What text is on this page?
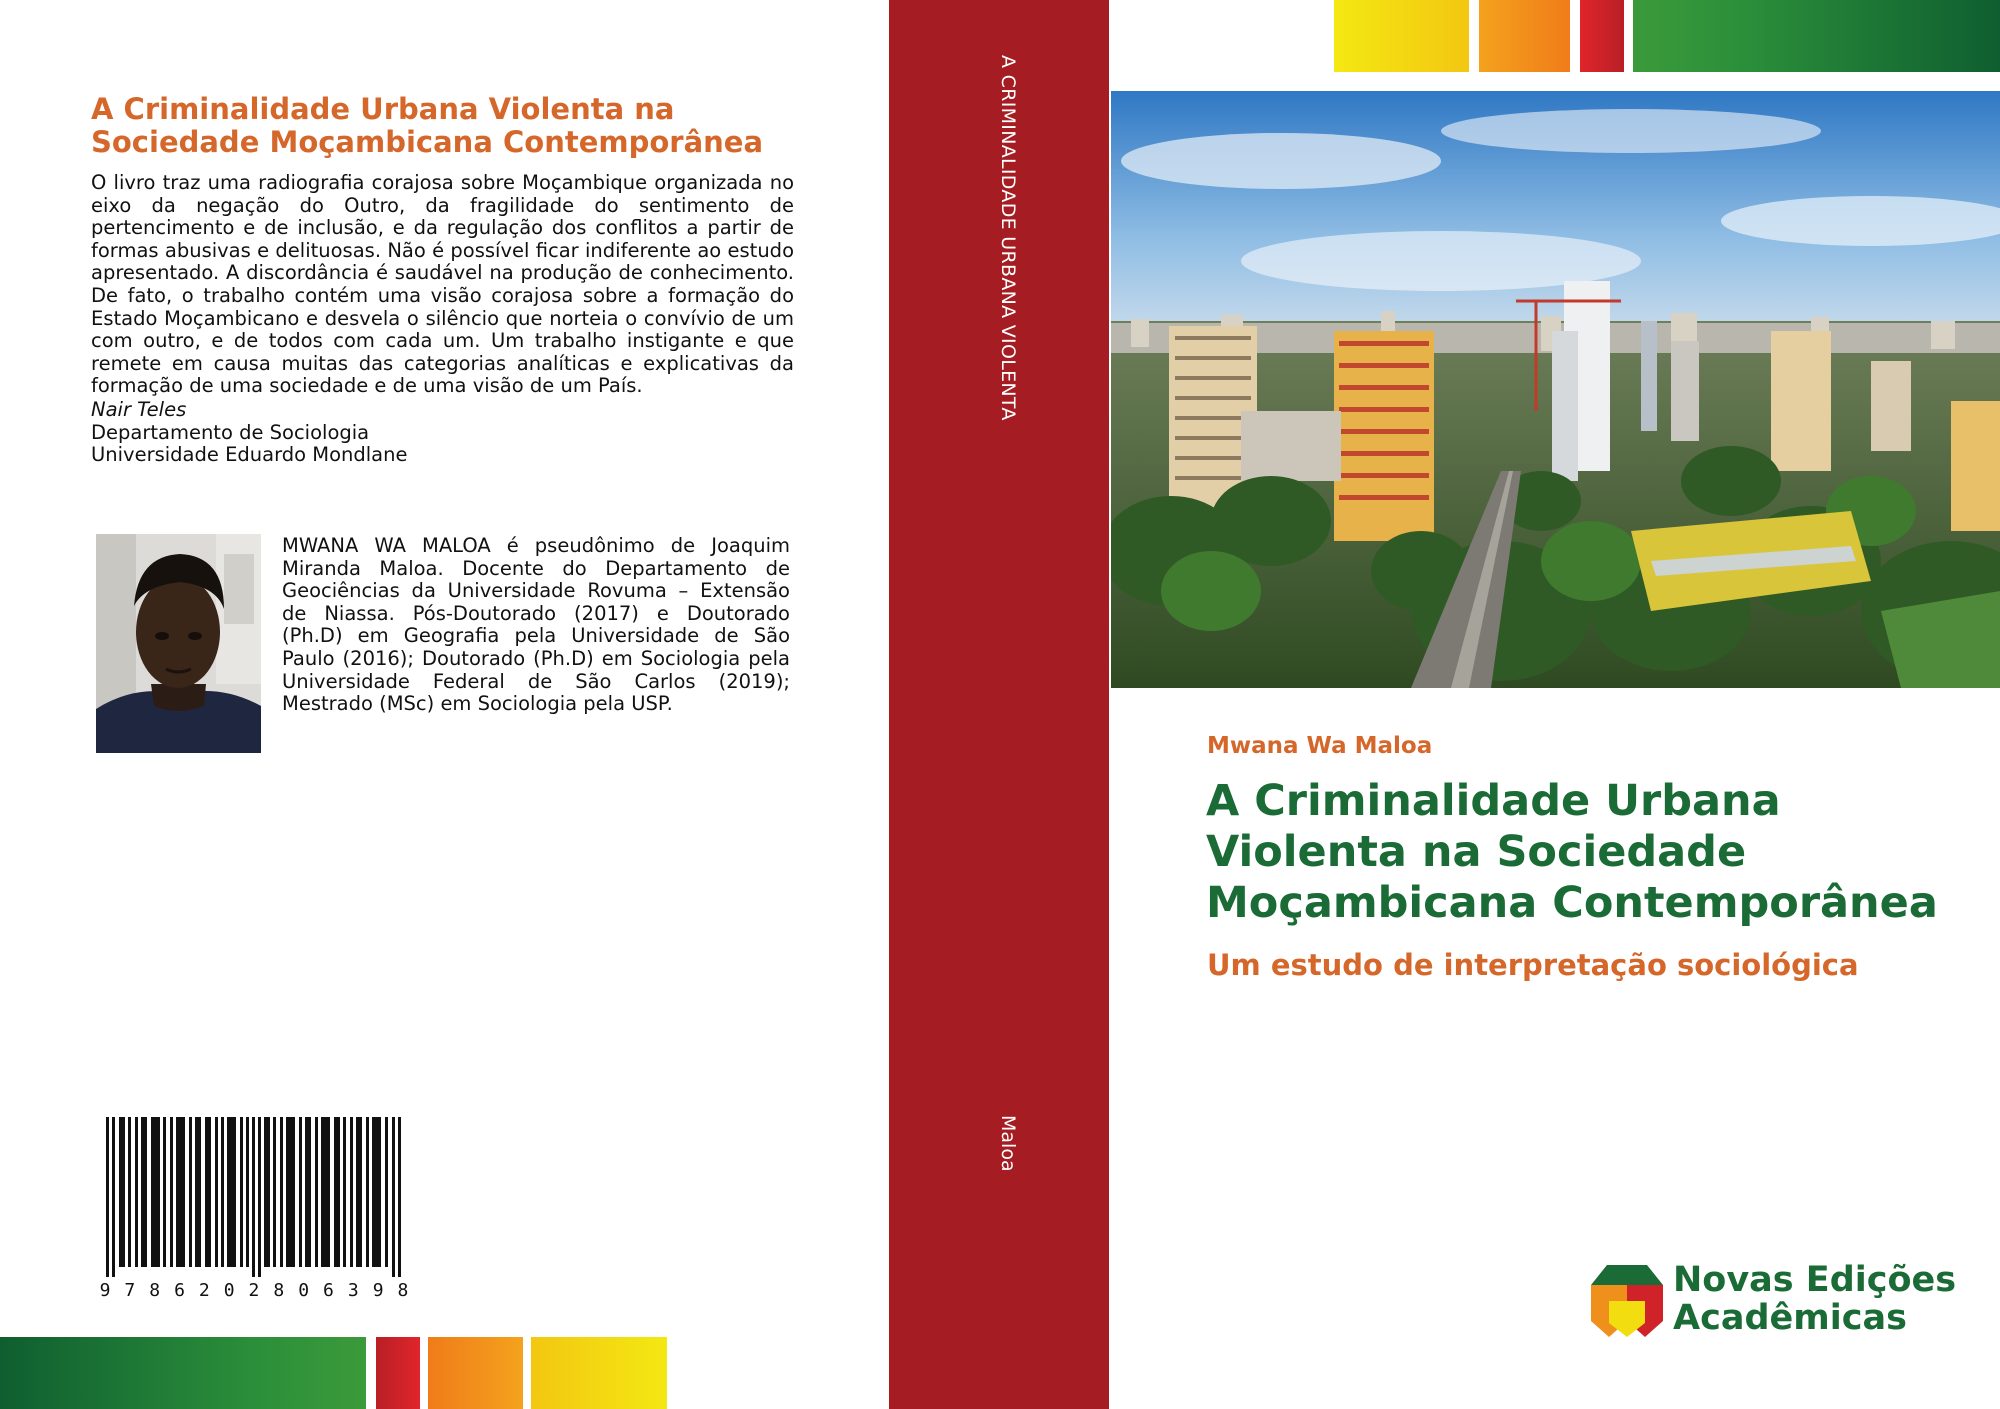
A Criminalidade Urbana Violenta na Sociedade Moçambicana Contemporânea

O livro traz uma radiografia corajosa sobre Moçambique organizada no eixo da negação do Outro, da fragilidade do sentimento de pertencimento e de inclusão, e da regulação dos conflitos a partir de formas abusivas e delituosas. Não é possível ficar indiferente ao estudo apresentado. A discordância é saudável na produção de conhecimento. De fato, o trabalho contém uma visão corajosa sobre a formação do Estado Moçambicano e desvela o silêncio que norteia o convívio de um com outro, e de todos com cada um. Um trabalho instigante e que remete em causa muitas das categorias analíticas e explicativas da formação de uma sociedade e de uma visão de um País.

Nair Teles
Departamento de Sociologia
Universidade Eduardo Mondlane
MWANA WA MALOA é pseudônimo de Joaquim Miranda Maloa. Docente do Departamento de Geociências da Universidade Rovuma – Extensão de Niassa. Pós-Doutorado (2017) e Doutorado (Ph.D) em Geografia pela Universidade de São Paulo (2016); Doutorado (Ph.D) em Sociologia pela Universidade Federal de São Carlos (2019); Mestrado (MSc) em Sociologia pela USP.
9 7 8 6 2 0 2 8 0 6 3 9 8
A CRIMINALIDADE URBANA VIOLENTA
Maloa
Mwana Wa Maloa
A Criminalidade Urbana
Violenta na Sociedade
Moçambicana Contemporânea
Um estudo de interpretação sociológica
Novas Edições
Acadêmicas
